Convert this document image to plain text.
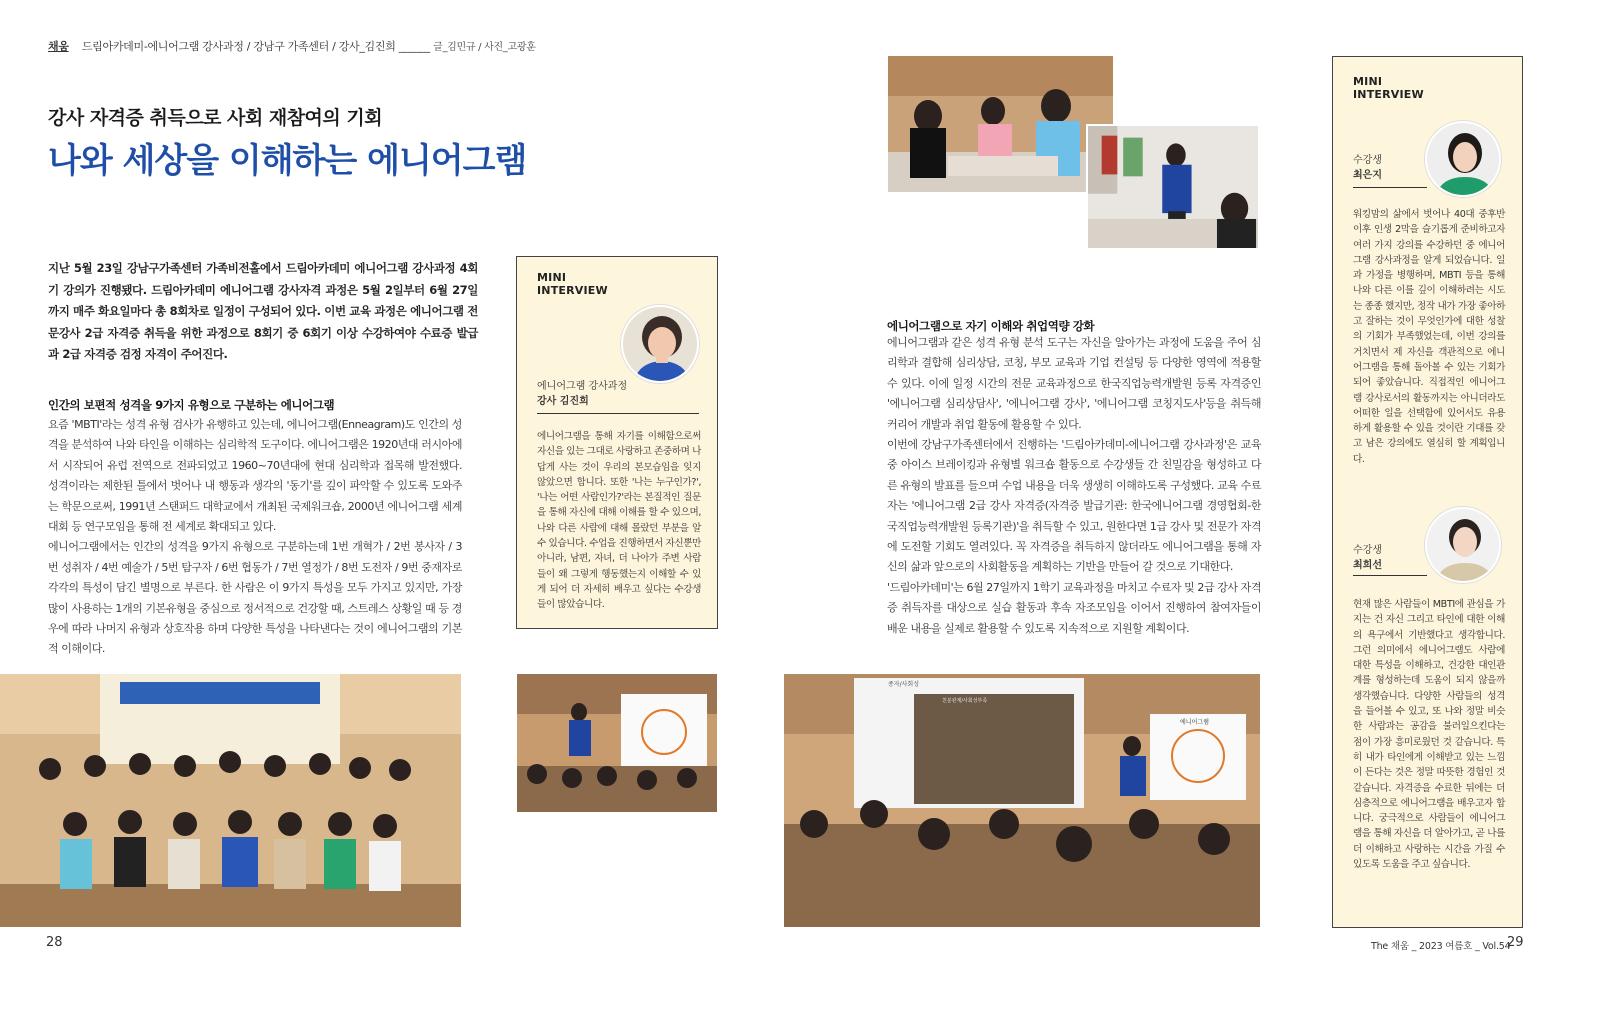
채움 드림아카데미-에니어그램 강사과정 / 강남구 가족센터 / 강사_김진희 ______ 글_김민규 / 사진_고광훈
강사 자격증 취득으로 사회 재참여의 기회
나와 세상을 이해하는 에니어그램
지난 5월 23일 강남구가족센터 가족비전홀에서 드림아카데미 에니어그램 강사과정 4회기 강의가 진행됐다. 드림아카데미 에니어그램 강사자격 과정은 5월 2일부터 6월 27일까지 매주 화요일마다 총 8회차로 일정이 구성되어 있다. 이번 교육 과정은 에니어그램 전문강사 2급 자격증 취득을 위한 과정으로 8회기 중 6회기 이상 수강하여야 수료증 발급과 2급 자격증 검정 자격이 주어진다.
인간의 보편적 성격을 9가지 유형으로 구분하는 에니어그램

요즘 'MBTI'라는 성격 유형 검사가 유행하고 있는데, 에니어그램(Enneagram)도 인간의 성격을 분석하여 나와 타인을 이해하는 심리학적 도구이다. 에니어그램은 1920년대 러시아에서 시작되어 유럽 전역으로 전파되었고 1960~70년대에 현대 심리학과 접목해 발전했다. 성격이라는 제한된 틀에서 벗어나 내 행동과 생각의 '동기'를 깊이 파악할 수 있도록 도와주는 학문으로써, 1991년 스탠퍼드 대학교에서 개최된 국제워크숍, 2000년 에니어그램 세계대회 등 연구모임을 통해 전 세계로 확대되고 있다.

에니어그램에서는 인간의 성격을 9가지 유형으로 구분하는데 1번 개혁가 / 2번 봉사자 / 3번 성취자 / 4번 예술가 / 5번 탐구자 / 6번 협동가 / 7번 열정가 / 8번 도전자 / 9번 중재자로 각각의 특성이 담긴 별명으로 부른다. 한 사람은 이 9가지 특성을 모두 가지고 있지만, 가장 많이 사용하는 1개의 기본유형을 중심으로 정서적으로 건강할 때, 스트레스 상황일 때 등 경우에 따라 나머지 유형과 상호작용 하며 다양한 특성을 나타낸다는 것이 에니어그램의 기본적 이해이다.

MINI
INTERVIEW
에니어그램 강사과정
강사 김진희
에니어그램을 통해 자기를 이해함으로써 자신을 있는 그대로 사랑하고 존중하며 나답게 사는 것이 우리의 본모습임을 잊지 않았으면 합니다. 또한 '나는 누구인가?', '나는 어떤 사람인가?'라는 본질적인 질문을 통해 자신에 대해 이해를 할 수 있으며, 나와 다른 사람에 대해 몰랐던 부분을 알 수 있습니다. 수업을 진행하면서 자신뿐만 아니라, 남편, 자녀, 더 나아가 주변 사람들이 왜 그렇게 행동했는지 이해할 수 있게 되어 더 자세히 배우고 싶다는 수강생들이 많았습니다.
에니어그램으로 자기 이해와 취업역량 강화

에니어그램과 같은 성격 유형 분석 도구는 자신을 알아가는 과정에 도움을 주어 심리학과 결합해 심리상담, 코칭, 부모 교육과 기업 컨설팅 등 다양한 영역에 적용할 수 있다. 이에 일정 시간의 전문 교육과정으로 한국직업능력개발원 등록 자격증인 '에니어그램 심리상담사', '에니어그램 강사', '에니어그램 코칭지도사'등을 취득해 커리어 개발과 취업 활동에 활용할 수 있다.

이번에 강남구가족센터에서 진행하는 '드림아카데미-에니어그램 강사과정'은 교육 중 아이스 브레이킹과 유형별 워크숍 활동으로 수강생들 간 친밀감을 형성하고 다른 유형의 발표를 들으며 수업 내용을 더욱 생생히 이해하도록 구성했다. 교육 수료자는 '에니어그램 2급 강사 자격증(자격증 발급기관: 한국에니어그램 경영협회-한국직업능력개발원 등록기관)'을 취득할 수 있고, 원한다면 1급 강사 및 전문가 자격에 도전할 기회도 열려있다. 꼭 자격증을 취득하지 않더라도 에니어그램을 통해 자신의 삶과 앞으로의 사회활동을 계획하는 기반을 만들어 갈 것으로 기대한다.

'드림아카데미'는 6월 27일까지 1학기 교육과정을 마치고 수료자 및 2급 강사 자격증 취득자를 대상으로 실습 활동과 후속 자조모임을 이어서 진행하여 참여자들이 배운 내용을 실제로 활용할 수 있도록 지속적으로 지원할 계획이다.

MINI
INTERVIEW
수강생
최은지
워킹맘의 삶에서 벗어나 40대 중후반 이후 인생 2막을 슬기롭게 준비하고자 여러 가지 강의를 수강하던 중 에니어그램 강사과정을 알게 되었습니다. 일과 가정을 병행하며, MBTI 등을 통해 나와 다른 이를 깊이 이해하려는 시도는 종종 했지만, 정작 내가 가장 좋아하고 잘하는 것이 무엇인가에 대한 성찰의 기회가 부족했었는데, 이번 강의를 거치면서 제 자신을 객관적으로 에니어그램을 통해 돌아볼 수 있는 기회가 되어 좋았습니다. 직접적인 에니어그램 강사로서의 활동까지는 아니더라도 어떠한 일을 선택함에 있어서도 유용하게 활용할 수 있을 것이란 기대를 갖고 남은 강의에도 열심히 할 계획입니다.
수강생
최희선
현재 많은 사람들이 MBTI에 관심을 가지는 건 자신 그리고 타인에 대한 이해의 욕구에서 기반했다고 생각합니다. 그런 의미에서 에니어그램도 사람에 대한 특성을 이해하고, 건강한 대인관계를 형성하는데 도움이 되지 않을까 생각했습니다. 다양한 사람들의 성격을 들어볼 수 있고, 또 나와 정말 비슷한 사람과는 공감을 불러일으킨다는 점이 가장 흥미로웠던 것 같습니다. 특히 내가 타인에게 이해받고 있는 느낌이 든다는 것은 정말 따뜻한 경험인 것 같습니다. 자격증을 수료한 뒤에는 더 심층적으로 에니어그램을 배우고자 합니다. 궁극적으로 사람들이 에니어그램을 통해 자신을 더 알아가고, 곧 나를 더 이해하고 사랑하는 시간을 가질 수 있도록 도움을 주고 싶습니다.
종자/사회성
친분관계/사회성부족
에니어그램
28	The 채움 _ 2023 여름호 _ Vol.54
29
